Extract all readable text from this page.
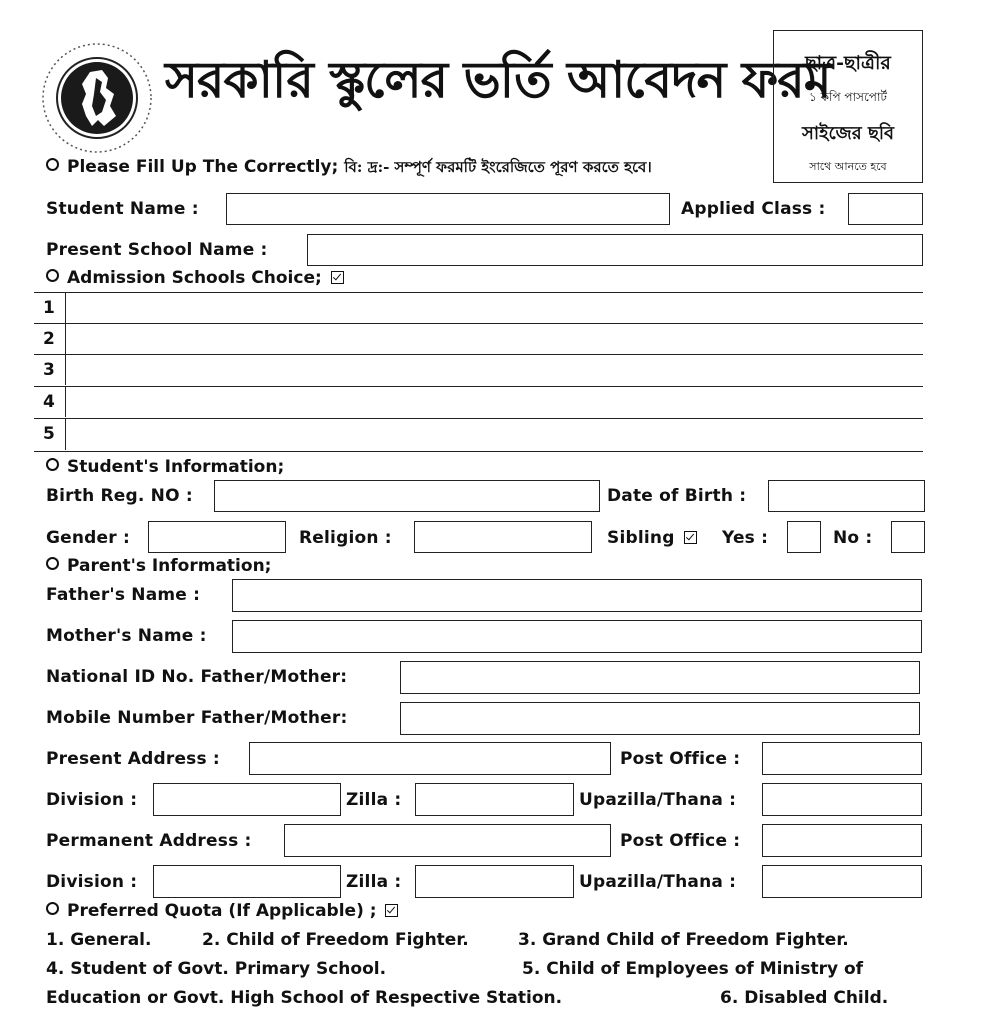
সরকারি স্কুলের ভর্তি আবেদন ফরম
ছাত্র-ছাত্রীর
১ কপি পাসপোর্ট
সাইজের ছবি
সাথে আনতে হবে
Please Fill Up The Correctly; বি: দ্র:- সম্পূর্ণ ফরমটি ইংরেজিতে পূরণ করতে হবে।
Student Name :	Applied Class :
Present School Name :
Admission Schools Choice;
1
2
3
4
5
Student's Information;
Birth Reg. NO :	Date of Birth :
Gender :	Religion :	Sibling	Yes :	No :
Parent's Information;
Father's Name :
Mother's Name :
National ID No. Father/Mother:
Mobile Number Father/Mother:
Present Address :	Post Office :
Division :	Zilla :	Upazilla/Thana :
Permanent Address :	Post Office :
Division :	Zilla :	Upazilla/Thana :
Preferred Quota (If Applicable) ;
1. General.	2. Child of Freedom Fighter.	3. Grand Child of Freedom Fighter.
4. Student of Govt. Primary School.	5. Child of Employees of Ministry of
Education or Govt. High School of Respective Station.	6. Disabled Child.
